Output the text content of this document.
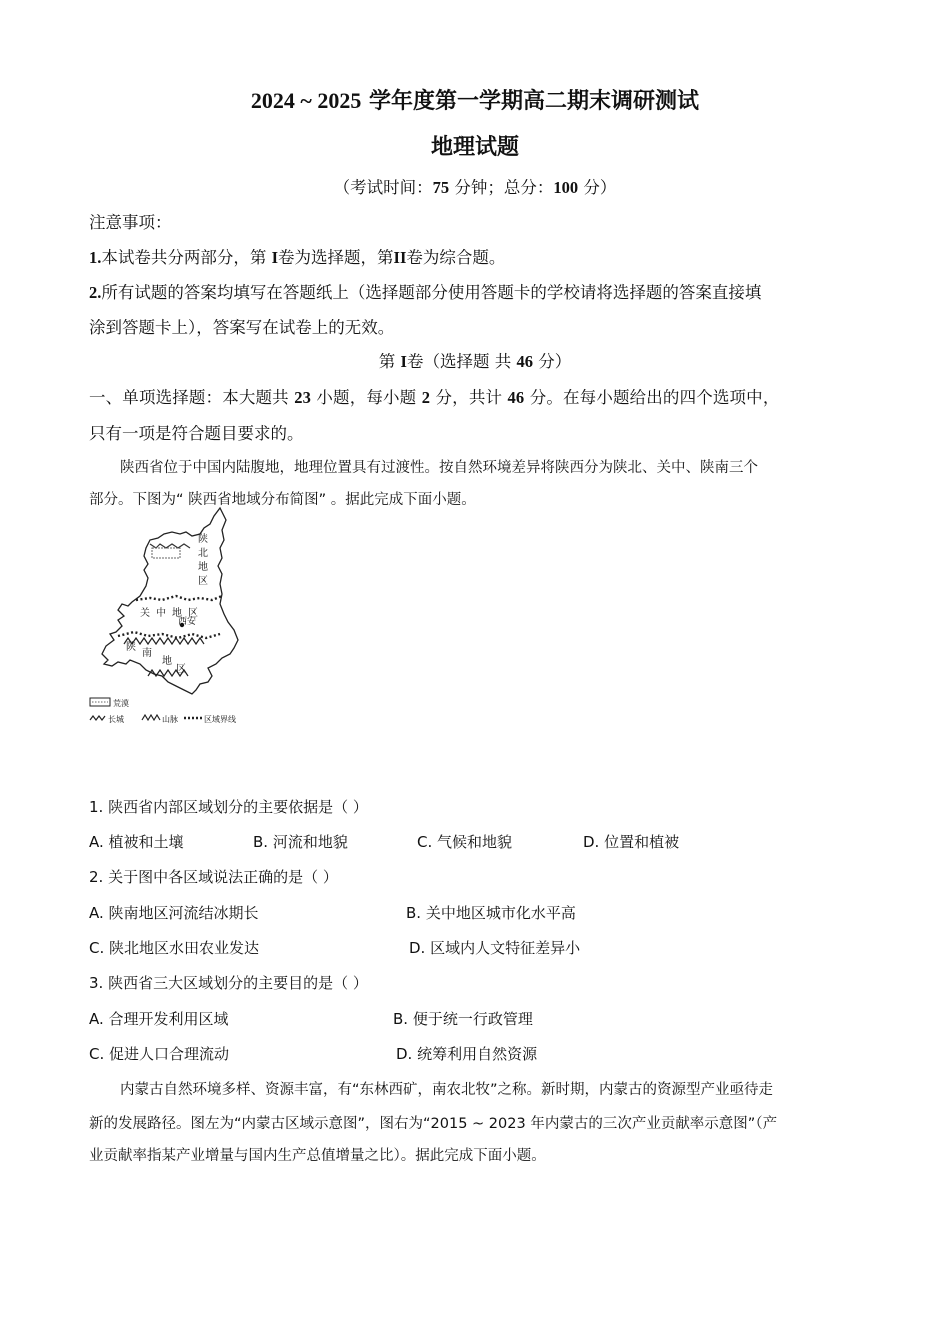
2024 ~ 2025 学年度第一学期高二期末调研测试
地理试题
（考试时间：75 分钟；总分：100 分）
注意事项：
1.本试卷共分两部分，第 I卷为选择题，第II卷为综合题。
2.所有试题的答案均填写在答题纸上（选择题部分使用答题卡的学校请将选择题的答案直接填
涂到答题卡上），答案写在试卷上的无效。
第 I卷（选择题 共 46 分）
一、单项选择题：本大题共 23 小题，每小题 2 分，共计 46 分。在每小题给出的四个选项中，
只有一项是符合题目要求的。
陕西省位于中国内陆腹地，地理位置具有过渡性。按自然环境差异将陕西分为陕北、关中、陕南三个
部分。下图为“ 陕西省地域分布简图” 。据此完成下面小题。
陕
北
地
区
关中地区
西安
陕
南
地
区
荒漠
长城	山脉	区域界线
1. 陕西省内部区域划分的主要依据是（ ）
A. 植被和土壤	B. 河流和地貌	C. 气候和地貌	D. 位置和植被
2. 关于图中各区域说法正确的是（ ）
A. 陕南地区河流结冰期长	B. 关中地区城市化水平高
C. 陕北地区水田农业发达	D. 区域内人文特征差异小
3. 陕西省三大区域划分的主要目的是（ ）
A. 合理开发利用区域	B. 便于统一行政管理
C. 促进人口合理流动	D. 统筹利用自然资源
内蒙古自然环境多样、资源丰富，有“东林西矿，南农北牧”之称。新时期，内蒙古的资源型产业亟待走
新的发展路径。图左为“内蒙古区域示意图”，图右为“2015 ~ 2023 年内蒙古的三次产业贡献率示意图”（产
业贡献率指某产业增量与国内生产总值增量之比）。据此完成下面小题。
